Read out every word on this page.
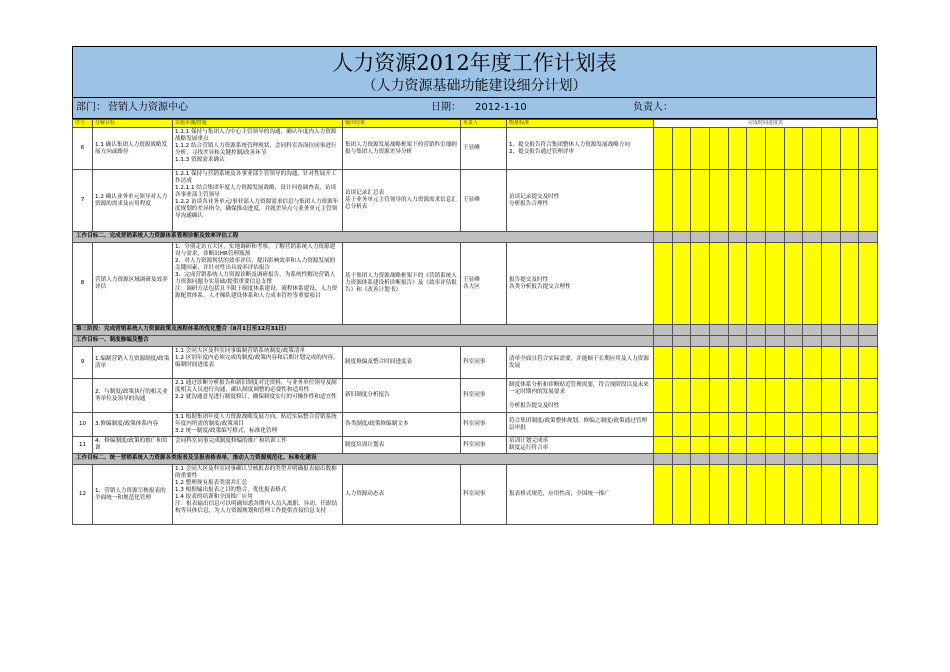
人力资源2012年度工作计划表
（人力资源基础功能建设细分计划）
部门： 营销人力资源中心	日期： 2012-1-10	负责人：
序号	分解目标	实施步骤/措施	输出结果	负责人	衡量标准	完成时间进度表											
6	1.1 确认集团人力资源战略发展方向或路径	1.1.1 保持与集团人力中心主管领导的沟通，确认年度内人力资源战略发展重点
1.1.2 结合营销人力资源系统管理现状，会同科室各岗位同事进行分析，寻找差异和关键控制/改善环节
1.1.3 资源需求确认	集团人力资源发展战略框架下的营销科室细则报与集团人力资源差异分析	王显峰	1、提交报告符合集团整体人力资源发展战略方向
2、提交报告通过管理评审												
7	1.2 确认业务单元领导对人力资源的需求及应用程度	1.2.1 保持与营销系统及各事业部主管领导的沟通，针对性展开工作达成
1.2.1.1 结合集团年度人力资源发展战略，设计问卷调查表，访谈各事业部主管领导
1.2.2 访谈各业务单元/事业部人力资源需求信息与集团人力资源年度规划的差异指令，确保推动进度，并就差异点与业务单元主管领导沟通确认	访谈记录汇总表
基于业务单元主管领导的人力资源需求信息汇总分析表	王显峰	访谈记录提交及时性
分析报告合理性												
工作目标二、完成营销系统人力资源体系管理诊断及效率评估工程																	
8	营销人力资源区域调研及效率评估	1、分别走访五大区，实地调研和考察，了解营销系统人力资源建设与需求，诊断出HR管理瓶颈
2、对人力资源现状的效率评估，提出影响效率和人力资源发展的关键因素，并针对性出具效率评估报告
3、完成营销系统人力资源诊断及调研报告，为系统性解决营销人力资源问题夯实基础/提供重要信息支撑
注：调研方法包括且不限于制度体系建设、流程体系建设、人力资源配置体系、人才梯队建设体系和人力成本管控等重要项目	基于集团人力资源战略框架下的《营销系统人力资源体系建设析诊断报告》及《效率评估报告》和《改善计划书》	王显峰
各大区	报告提交及时性
各类分析报告提交合理性												
第三阶段：完成营销系统人力资源政策及流程体系的优化整合（8月1日至12月31日）																	
工作目标一、制度修编及整合																	
9	1.编制营销人力资源制度/政策清单	1.1 会同大区及科室同事编制营销系统制度/政策清单
1.2 区别年度内必须完成的制度/政策内容和后期计划完成的内容，编制时间进度表	制度修编及整合时间进度表	科室同事	清单全面且符合实际需要，并能顺于长期应用及人力资源发展												
	2、与制度/政策执行的相关业务单位及领导的沟通	2.1 通过诊断分析报告和新旧制度对比资料，与业务单位领导及制度相关人员进行沟通，确认制度调整的必要性和适用性
2.2 就沟通意见进行制度修订，确保制度实行的可操作性和适宜性	新旧制度分析报告	科室同事	制度体系分析和诊断贴近管理需要，符合现阶段以及未来一定时期内的发展要求

分析报告提交及时性												
10	3.修编制度/政策体系内容	3.1 根据集团年度人力资源战略发展方向，贴近实际整合营销系统年度内所需的制度/政策项目
3.2 统一制度/政策编写格式，标准化管理	各类制度/政策修编制文本	科室同事	符合集团制度/政策整体规划，修编之制度/政策通过管理层审批												
11	4、修编制度/政策的推广和培训	会同科室同事完成制度修编的推广和培训工作	制度培训计划表	科室同事	培训计划完成率
制度运行符合率												
工作目标二、统一营销系统人力资源各类报表及呈报表格表单，推动人力资源规范化、标准化建设																	
12	1、营销人力资源呈核报表的全面统一和规范化管理	1.1 会同大区及科室同事确认呈核报表的类型并明确报表输出数据的重要性
1.2 整理现有报表类别并汇总
1.3 根据输出报表之目的整合，优化报表格式
1.4 报表的培训和全国推广应用
注：报表输出信息可以明确知悉各期内人员入离职、异动、任职结构等具体信息，为人力资源规划和管理工作提供直接信息支持	人力资源动态表	科室同事	报表格式规范，应用性高，全国统一推广												
